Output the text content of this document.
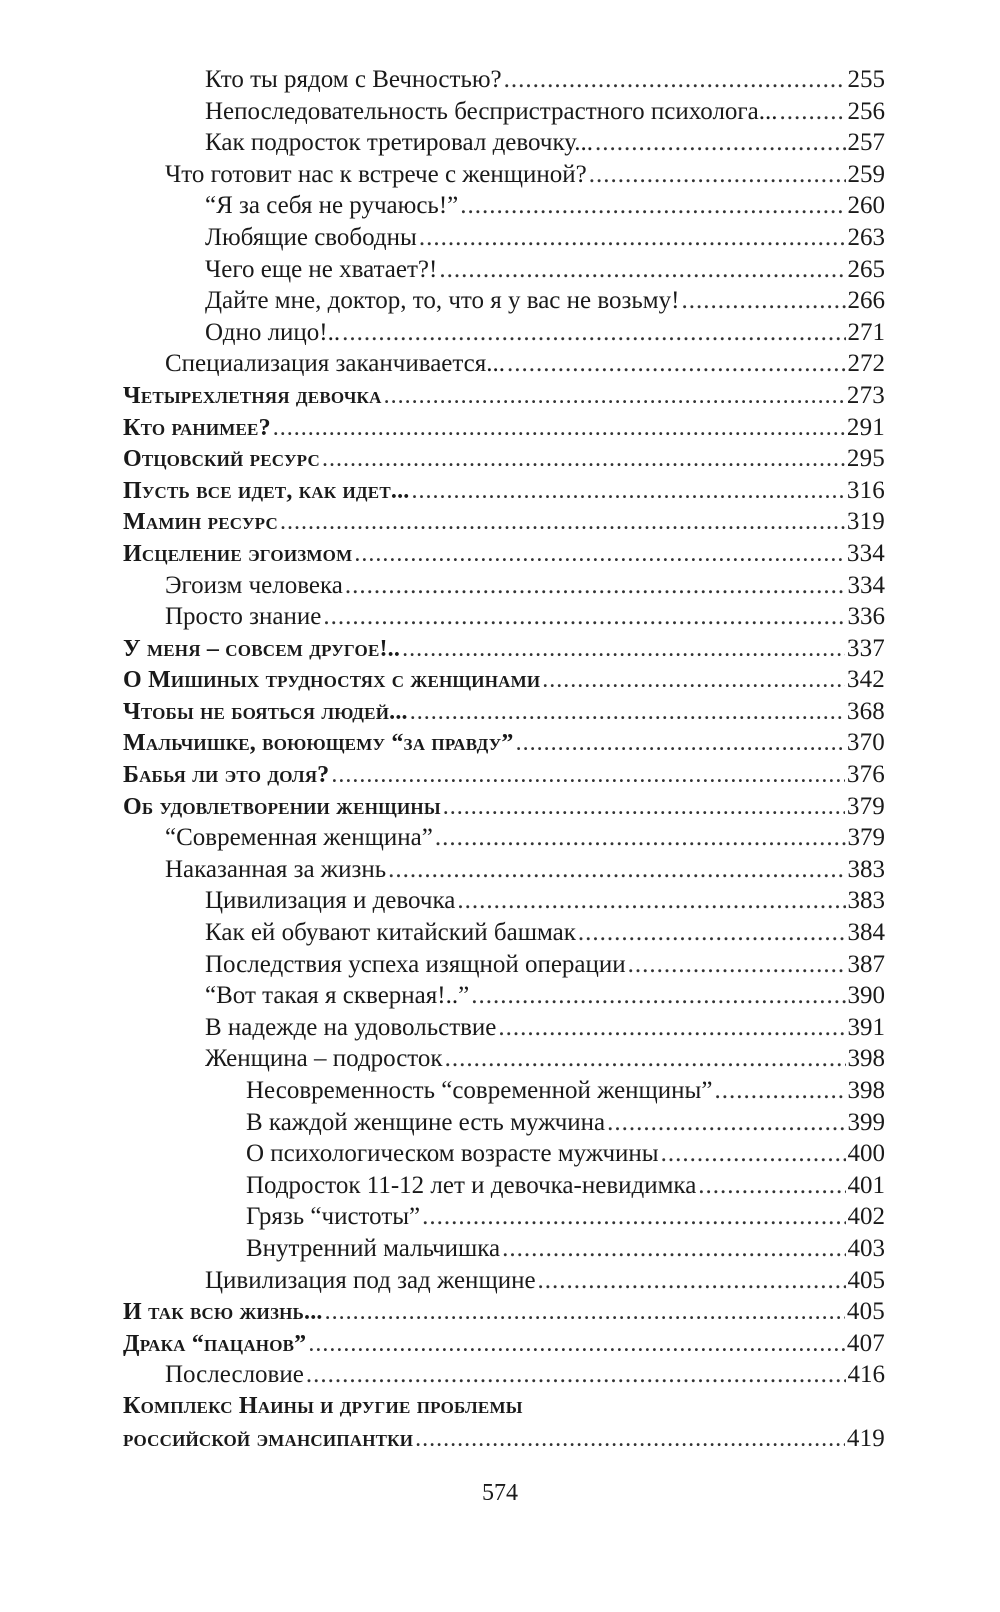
Кто ты рядом с Вечностью? .....	255
Непоследовательность беспристрастного психолога... .....	256
Как подросток третировал девочку... .....	257
Что готовит нас к встрече с женщиной? .....	259
“Я за себя не ручаюсь!” .....	260
Любящие свободны .....	263
Чего еще не хватает?! .....	265
Дайте мне, доктор, то, что я у вас не возьму! .....	266
Одно лицо!.. .....	271
Специализация заканчивается... .....	272
Четырехлетняя девочка .....	273
Кто ранимее? .....	291
Отцовский ресурс .....	295
Пусть все идет, как идет... .....	316
Мамин ресурс .....	319
Исцеление эгоизмом .....	334
Эгоизм человека .....	334
Просто знание .....	336
У меня – совсем другое!.. .....	337
О Мишиных трудностях с женщинами .....	342
Чтобы не бояться людей... .....	368
Мальчишке, воюющему “за правду” .....	370
Бабья ли это доля? .....	376
Об удовлетворении женщины .....	379
“Современная женщина” .....	379
Наказанная за жизнь .....	383
Цивилизация и девочка .....	383
Как ей обувают китайский башмак .....	384
Последствия успеха изящной операции .....	387
“Вот такая я скверная!..” .....	390
В надежде на удовольствие .....	391
Женщина – подросток .....	398
Несовременность “современной женщины” .....	398
В каждой женщине есть мужчина .....	399
О психологическом возрасте мужчины .....	400
Подросток 11-12 лет и девочка-невидимка .....	401
Грязь “чистоты” .....	402
Внутренний мальчишка .....	403
Цивилизация под зад женщине .....	405
И так всю жизнь... .....	405
Драка “пацанов” .....	407
Послесловие .....	416
Комплекс Наины и другие проблемы
российской эмансипантки .....	419
574
